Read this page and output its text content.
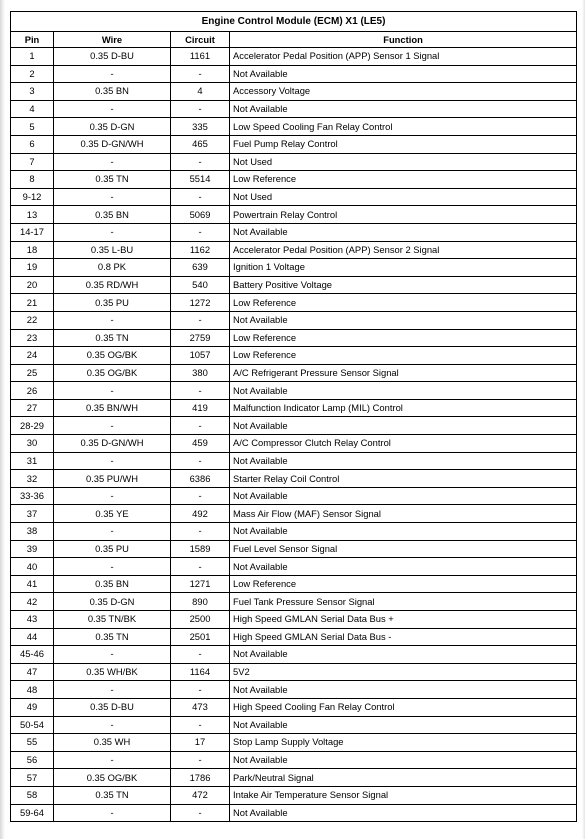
Engine Control Module (ECM) X1 (LE5)			
Pin	Wire	Circuit	Function
1	0.35 D-BU	1161	Accelerator Pedal Position (APP) Sensor 1 Signal
2	-	-	Not Available
3	0.35 BN	4	Accessory Voltage
4	-	-	Not Available
5	0.35 D-GN	335	Low Speed Cooling Fan Relay Control
6	0.35 D-GN/WH	465	Fuel Pump Relay Control
7	-	-	Not Used
8	0.35 TN	5514	Low Reference
9-12	-	-	Not Used
13	0.35 BN	5069	Powertrain Relay Control
14-17	-	-	Not Available
18	0.35 L-BU	1162	Accelerator Pedal Position (APP) Sensor 2 Signal
19	0.8 PK	639	Ignition 1 Voltage
20	0.35 RD/WH	540	Battery Positive Voltage
21	0.35 PU	1272	Low Reference
22	-	-	Not Available
23	0.35 TN	2759	Low Reference
24	0.35 OG/BK	1057	Low Reference
25	0.35 OG/BK	380	A/C Refrigerant Pressure Sensor Signal
26	-	-	Not Available
27	0.35 BN/WH	419	Malfunction Indicator Lamp (MIL) Control
28-29	-	-	Not Available
30	0.35 D-GN/WH	459	A/C Compressor Clutch Relay Control
31	-	-	Not Available
32	0.35 PU/WH	6386	Starter Relay Coil Control
33-36	-	-	Not Available
37	0.35 YE	492	Mass Air Flow (MAF) Sensor Signal
38	-	-	Not Available
39	0.35 PU	1589	Fuel Level Sensor Signal
40	-	-	Not Available
41	0.35 BN	1271	Low Reference
42	0.35 D-GN	890	Fuel Tank Pressure Sensor Signal
43	0.35 TN/BK	2500	High Speed GMLAN Serial Data Bus +
44	0.35 TN	2501	High Speed GMLAN Serial Data Bus -
45-46	-	-	Not Available
47	0.35 WH/BK	1164	5V2
48	-	-	Not Available
49	0.35 D-BU	473	High Speed Cooling Fan Relay Control
50-54	-	-	Not Available
55	0.35 WH	17	Stop Lamp Supply Voltage
56	-	-	Not Available
57	0.35 OG/BK	1786	Park/Neutral Signal
58	0.35 TN	472	Intake Air Temperature Sensor Signal
59-64	-	-	Not Available
